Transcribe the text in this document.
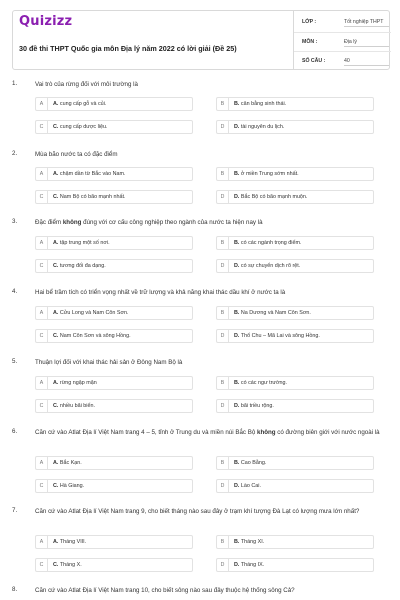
Quizizz
30 đề thi THPT Quốc gia môn Địa lý năm 2022 có lời giải (Đề 25)
LỚP :	Tốt nghiệp THPT
MÔN :	Địa lý
SỐ CÂU :	40
1.	Vai trò của rừng đối với môi trường là
A	A. cung cấp gỗ và củi.	B	B. cân bằng sinh thái.
C	C. cung cấp dược liệu.	D	D. tài nguyên du lịch.
2.	Mùa bão nước ta có đặc điểm
A	A. chậm dần từ Bắc vào Nam.	B	B. ở miền Trung sớm nhất.
C	C. Nam Bộ có bão mạnh nhất.	D	D. Bắc Bộ có bão mạnh muộn.
3.	Đặc điểm không đúng với cơ cấu công nghiệp theo ngành của nước ta hiện nay là
A	A. tập trung một số nơi.	B	B. có các ngành trọng điểm.
C	C. tương đối đa dạng.	D	D. có sự chuyển dịch rõ rệt.
4.	Hai bể trầm tích có triển vọng nhất về trữ lượng và khả năng khai thác dầu khí ở nước ta là
A	A. Cửu Long và Nam Côn Sơn.	B	B. Nа Dương và Nam Côn Sơn.
C	C. Nam Côn Sơn và sông Hồng.	D	D. Thổ Chu – Mã Lai và sông Hồng.
5.	Thuận lợi đối với khai thác hải sản ở Đông Nam Bộ là
A	A. rừng ngập mặn	B	B. có các ngư trường.
C	C. nhiều bãi biển.	D	D. bãi triều rộng.
6.	Căn cứ vào Atlat Địa lí Việt Nam trang 4 – 5, tỉnh ở Trung du và miền núi Bắc Bộ không có đường biên giới với nước ngoài là
A	A. Bắc Kạn.	B	B. Cao Bằng.
C	C. Hà Giang.	D	D. Lào Cai.
7.	Căn cứ vào Atlat Địa lí Việt Nam trang 9, cho biết tháng nào sau đây ở trạm khí tượng Đà Lạt có lượng mưa lớn nhất?
A	A. Tháng VIII.	B	B. Tháng XI.
C	C. Tháng X.	D	D. Tháng IX.
8.	Căn cứ vào Atlat Địa lí Việt Nam trang 10, cho biết sông nào sau đây thuộc hệ thống sông Cả?
